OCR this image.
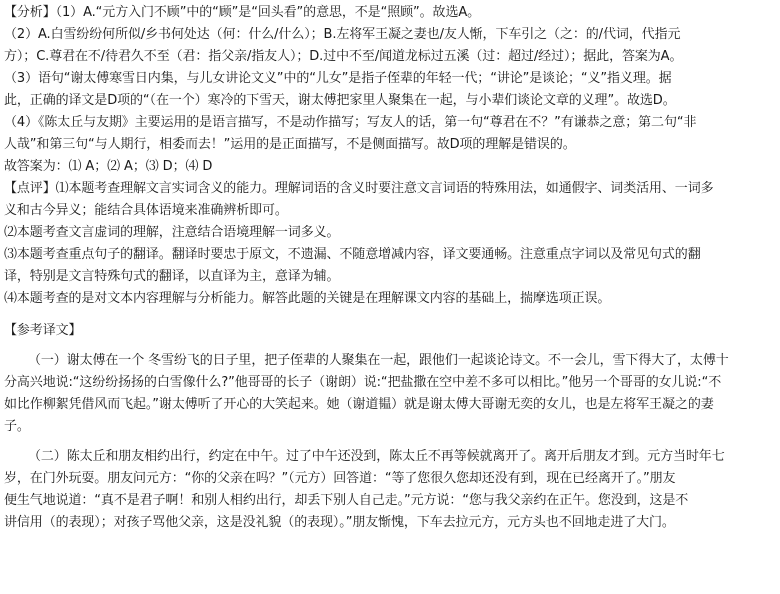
【分析】（1）A.“元方入门不顾”中的“顾”是“回头看”的意思，不是“照顾”。故选A。
（2）A.白雪纷纷何所似/乡书何处达（何：什么/什么）；B.左将军王凝之妻也/友人惭，下车引之（之：的/代词，代指元
方）；C.尊君在不/待君久不至（君：指父亲/指友人）；D.过中不至/闻道龙标过五溪（过：超过/经过）；据此，答案为A。
（3）语句“谢太傅寒雪日内集，与儿女讲论文义”中的“儿女”是指子侄辈的年轻一代；“讲论”是谈论；“义”指义理。据
此，正确的译文是D项的“（在一个）寒冷的下雪天，谢太傅把家里人聚集在一起，与小辈们谈论文章的义理”。故选D。
（4）《陈太丘与友期》主要运用的是语言描写，不是动作描写；写友人的话，第一句“尊君在不？”有谦恭之意；第二句“非
人哉”和第三句“与人期行，相委而去！”运用的是正面描写，不是侧面描写。故D项的理解是错误的。
故答案为：⑴ A；⑵ A；⑶ D；⑷ D
【点评】⑴本题考查理解文言实词含义的能力。理解词语的含义时要注意文言词语的特殊用法，如通假字、词类活用、一词多
义和古今异义；能结合具体语境来准确辨析即可。
⑵本题考查文言虚词的理解，注意结合语境理解一词多义。
⑶本题考查重点句子的翻译。翻译时要忠于原文，不遗漏、不随意增减内容，译文要通畅。注意重点字词以及常见句式的翻
译，特别是文言特殊句式的翻译，以直译为主，意译为辅。
⑷本题考查的是对文本内容理解与分析能力。解答此题的关键是在理解课文内容的基础上，揣摩选项正误。
【参考译文】
（一）谢太傅在一个 冬雪纷飞的日子里，把子侄辈的人聚集在一起，跟他们一起谈论诗文。不一会儿，雪下得大了，太傅十
分高兴地说:“这纷纷扬扬的白雪像什么?”他哥哥的长子（谢朗）说:“把盐撒在空中差不多可以相比。”他另一个哥哥的女儿说:“不
如比作柳絮凭借风而飞起。”谢太傅听了开心的大笑起来。她（谢道韫）就是谢太傅大哥谢无奕的女儿，也是左将军王凝之的妻
子。
（二）陈太丘和朋友相约出行，约定在中午。过了中午还没到，陈太丘不再等候就离开了。离开后朋友才到。元方当时年七
岁，在门外玩耍。朋友问元方：“你的父亲在吗？”（元方）回答道：“等了您很久您却还没有到，现在已经离开了。”朋友
便生气地说道：“真不是君子啊！和别人相约出行，却丢下别人自己走。”元方说：“您与我父亲约在正午。您没到，这是不
讲信用（的表现）；对孩子骂他父亲，这是没礼貌（的表现）。”朋友惭愧，下车去拉元方，元方头也不回地走进了大门。
